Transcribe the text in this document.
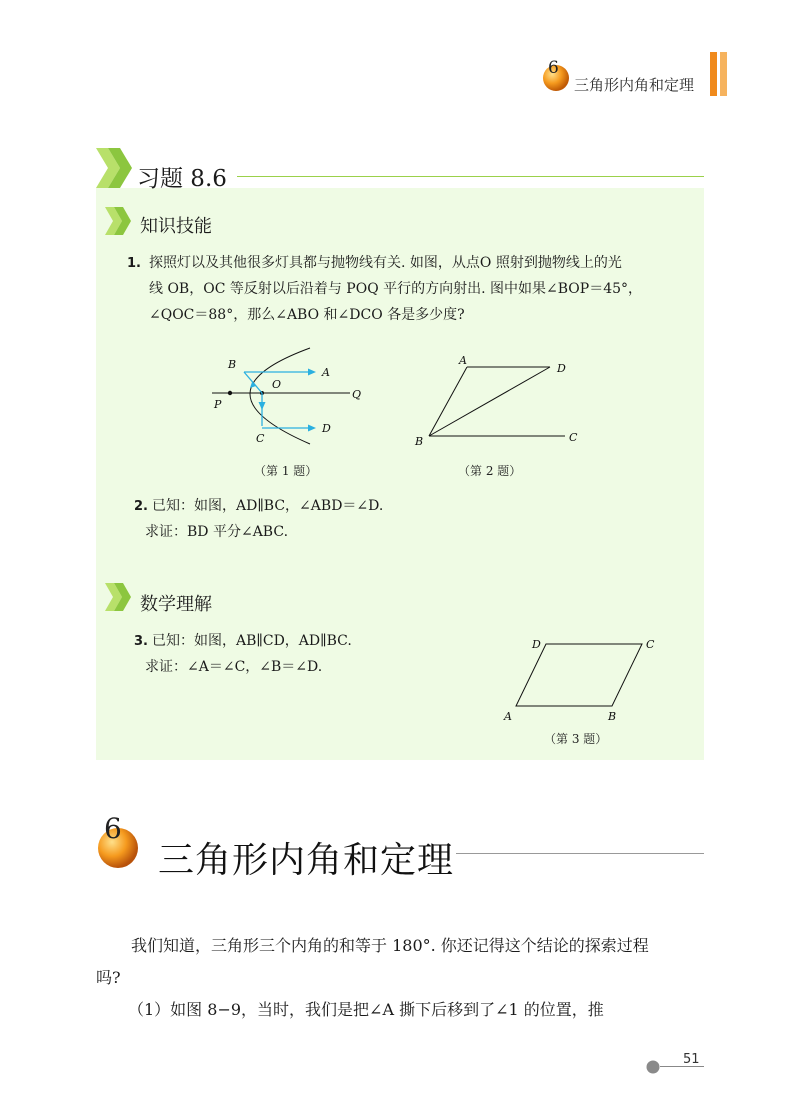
6
三角形内角和定理
习题 8.6
知识技能
1. 探照灯以及其他很多灯具都与抛物线有关. 如图，从点O 照射到抛物线上的光
线 OB，OC 等反射以后沿着与 POQ 平行的方向射出. 图中如果∠BOP＝45°，
∠QOC＝88°，那么∠ABO 和∠DCO 各是多少度?
B
A
O
Q
P
C
D
（第 1 题）
A
D
B	C
（第 2 题）
2. 已知：如图，AD∥BC，∠ABD＝∠D.
求证：BD 平分∠ABC.
数学理解
3. 已知：如图，AB∥CD，AD∥BC.
求证：∠A＝∠C，∠B＝∠D.
D	C
A	B
（第 3 题）
6
三角形内角和定理
我们知道，三角形三个内角的和等于 180°. 你还记得这个结论的探索过程
吗?
（1）如图 8−9，当时，我们是把∠A 撕下后移到了∠1 的位置，推
51
